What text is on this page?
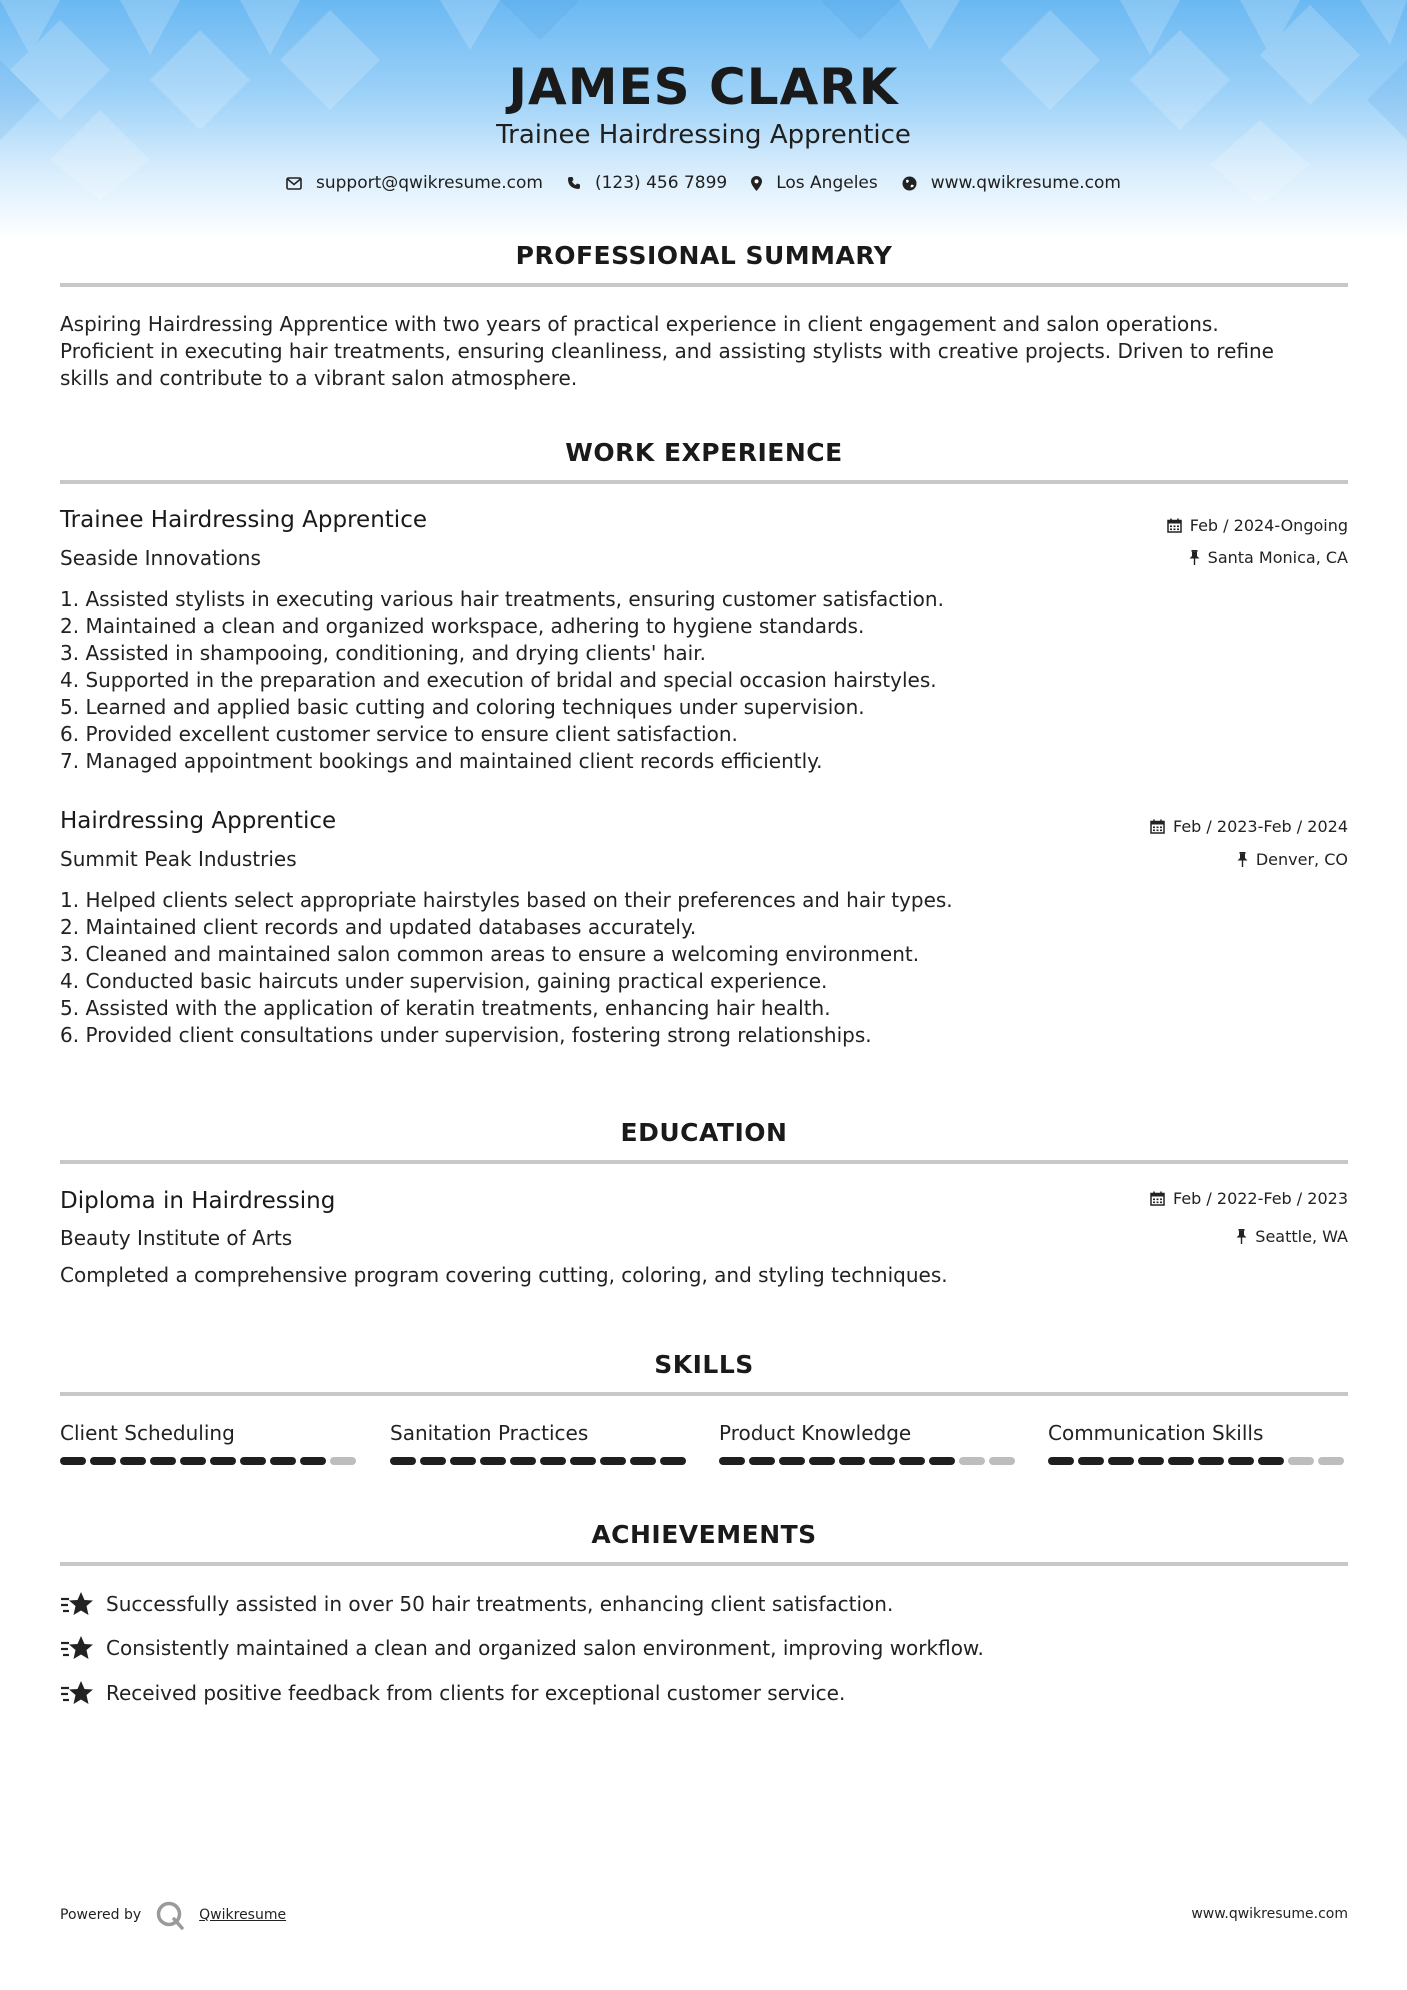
JAMES CLARK
Trainee Hairdressing Apprentice
support@qwikresume.com	(123) 456 7899	Los Angeles	www.qwikresume.com
PROFESSIONAL SUMMARY
Aspiring Hairdressing Apprentice with two years of practical experience in client engagement and salon operations.
Proficient in executing hair treatments, ensuring cleanliness, and assisting stylists with creative projects. Driven to refine
skills and contribute to a vibrant salon atmosphere.
WORK EXPERIENCE
Trainee Hairdressing Apprentice	Feb / 2024-Ongoing
Seaside Innovations	Santa Monica, CA
1. Assisted stylists in executing various hair treatments, ensuring customer satisfaction.
2. Maintained a clean and organized workspace, adhering to hygiene standards.
3. Assisted in shampooing, conditioning, and drying clients' hair.
4. Supported in the preparation and execution of bridal and special occasion hairstyles.
5. Learned and applied basic cutting and coloring techniques under supervision.
6. Provided excellent customer service to ensure client satisfaction.
7. Managed appointment bookings and maintained client records efficiently.
Hairdressing Apprentice	Feb / 2023-Feb / 2024
Summit Peak Industries	Denver, CO
1. Helped clients select appropriate hairstyles based on their preferences and hair types.
2. Maintained client records and updated databases accurately.
3. Cleaned and maintained salon common areas to ensure a welcoming environment.
4. Conducted basic haircuts under supervision, gaining practical experience.
5. Assisted with the application of keratin treatments, enhancing hair health.
6. Provided client consultations under supervision, fostering strong relationships.
EDUCATION
Diploma in Hairdressing	Feb / 2022-Feb / 2023
Beauty Institute of Arts	Seattle, WA
Completed a comprehensive program covering cutting, coloring, and styling techniques.
SKILLS
Client Scheduling	Sanitation Practices	Product Knowledge	Communication Skills
ACHIEVEMENTS
Successfully assisted in over 50 hair treatments, enhancing client satisfaction.
Consistently maintained a clean and organized salon environment, improving workflow.
Received positive feedback from clients for exceptional customer service.
Powered by	Qwikresume	www.qwikresume.com
